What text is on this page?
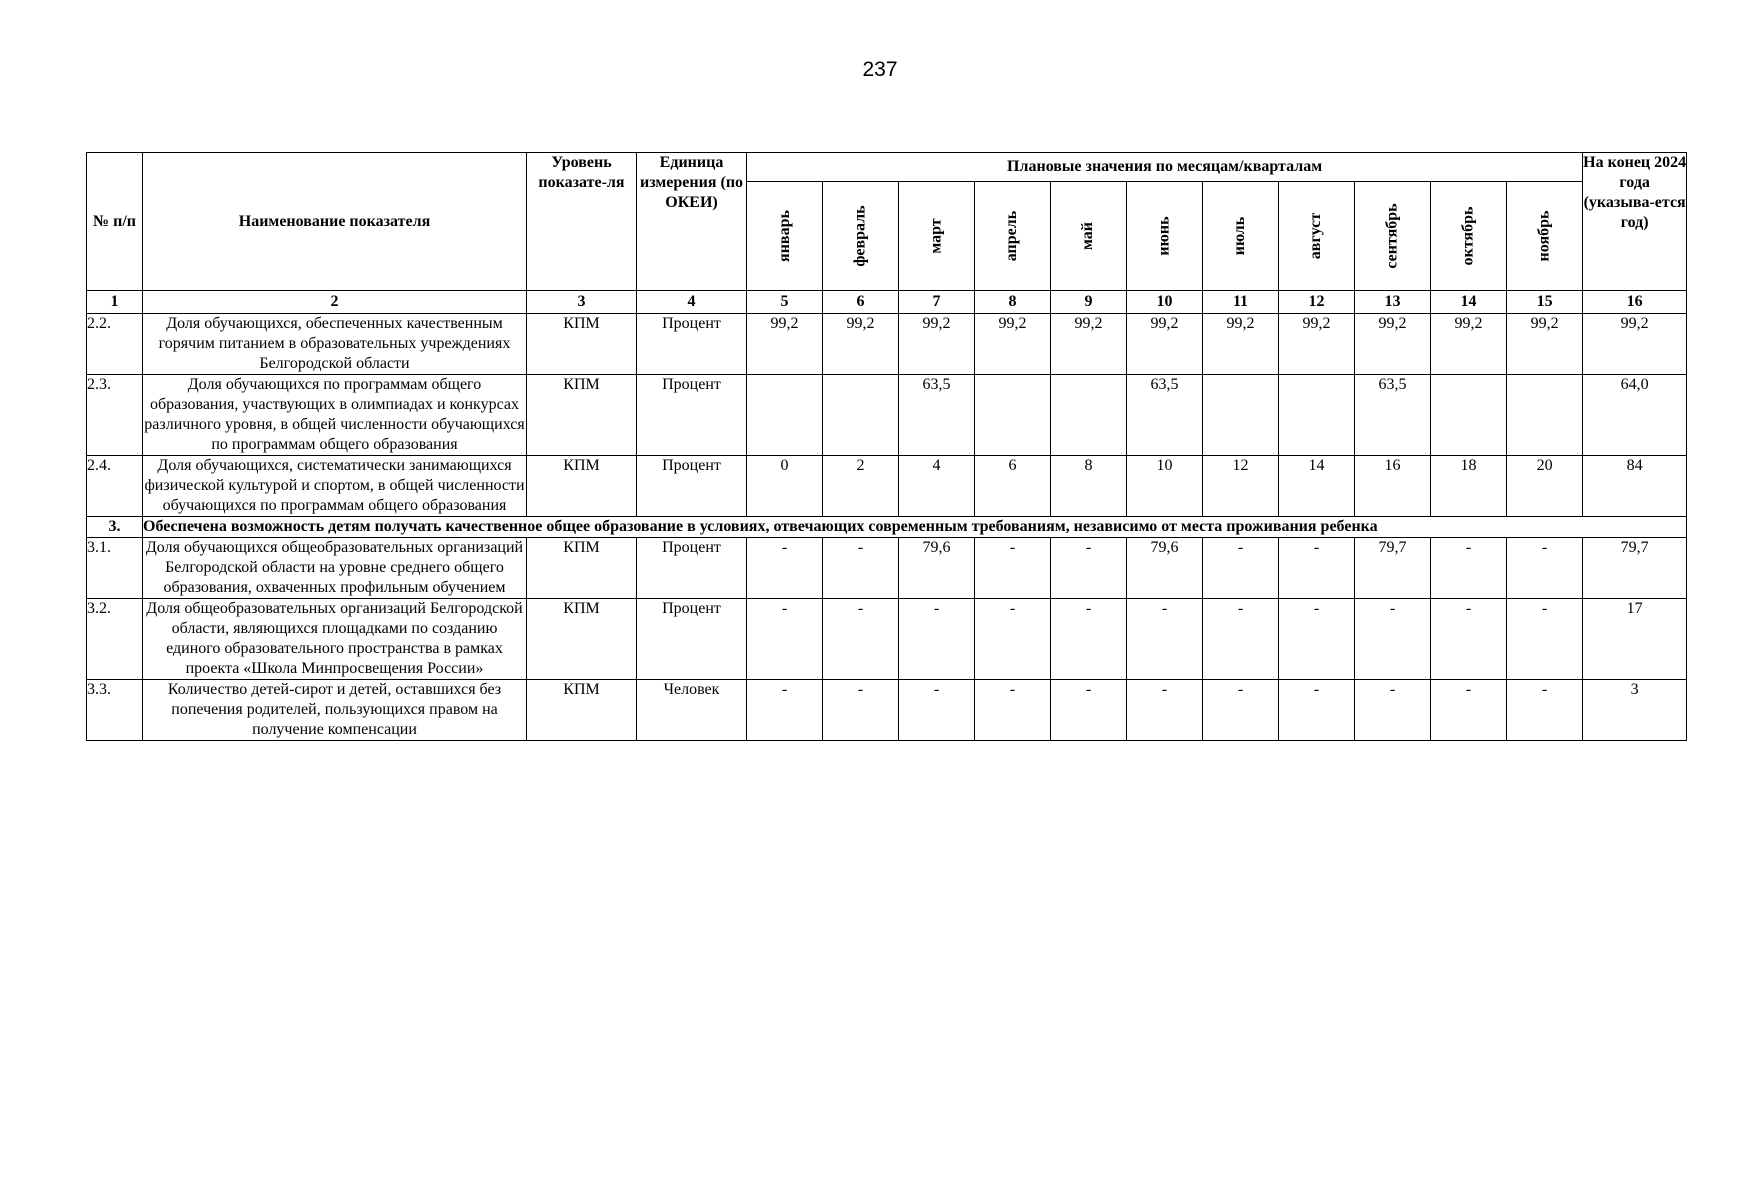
237
№ п/п	Наименование показателя	Уровень показате-ля	Единица измерения (по ОКЕИ)	Плановые значения по месяцам/кварталам											На конец 2024 года (указыва-ется год)

				январь	февраль	март	апрель	май	июнь	июль	август	сентябрь	октябрь	ноябрь	

1	2	3	4	5	6	7	8	9	10	11	12	13	14	15	16
2.2.	Доля обучающихся, обеспеченных качественным горячим питанием в образовательных учреждениях Белгородской области	КПМ	Процент	99,2	99,2	99,2	99,2	99,2	99,2	99,2	99,2	99,2	99,2	99,2	99,2
2.3.	Доля обучающихся по программам общего образования, участвующих в олимпиадах и конкурсах различного уровня, в общей численности обучающихся по программам общего образования	КПМ	Процент			63,5			63,5			63,5			64,0
2.4.	Доля обучающихся, систематически занимающихся физической культурой и спортом, в общей численности обучающихся по программам общего образования	КПМ	Процент	0	2	4	6	8	10	12	14	16	18	20	84
3.	Обеспечена возможность детям получать качественное общее образование в условиях, отвечающих современным требованиям, независимо от места проживания ребенка														
3.1.	Доля обучающихся общеобразовательных организаций Белгородской области на уровне среднего общего образования, охваченных профильным обучением	КПМ	Процент	-	-	79,6	-	-	79,6	-	-	79,7	-	-	79,7
3.2.	Доля общеобразовательных организаций Белгородской области, являющихся площадками по созданию единого образовательного пространства в рамках проекта «Школа Минпросвещения России»	КПМ	Процент	-	-	-	-	-	-	-	-	-	-	-	17
3.3.	Количество детей-сирот и детей, оставшихся без попечения родителей, пользующихся правом на получение компенсации	КПМ	Человек	-	-	-	-	-	-	-	-	-	-	-	3
